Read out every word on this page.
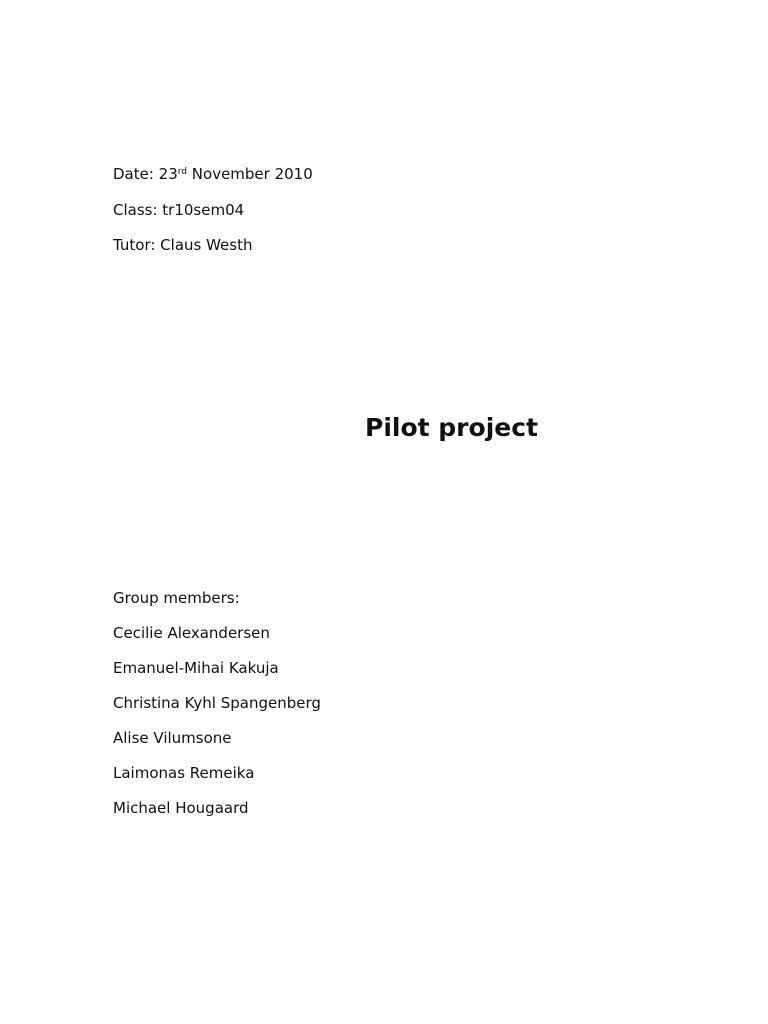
Date: 23rd November 2010
Class: tr10sem04
Tutor: Claus Westh
Pilot project
Group members:
Cecilie Alexandersen
Emanuel-Mihai Kakuja
Christina Kyhl Spangenberg
Alise Vilumsone
Laimonas Remeika
Michael Hougaard
